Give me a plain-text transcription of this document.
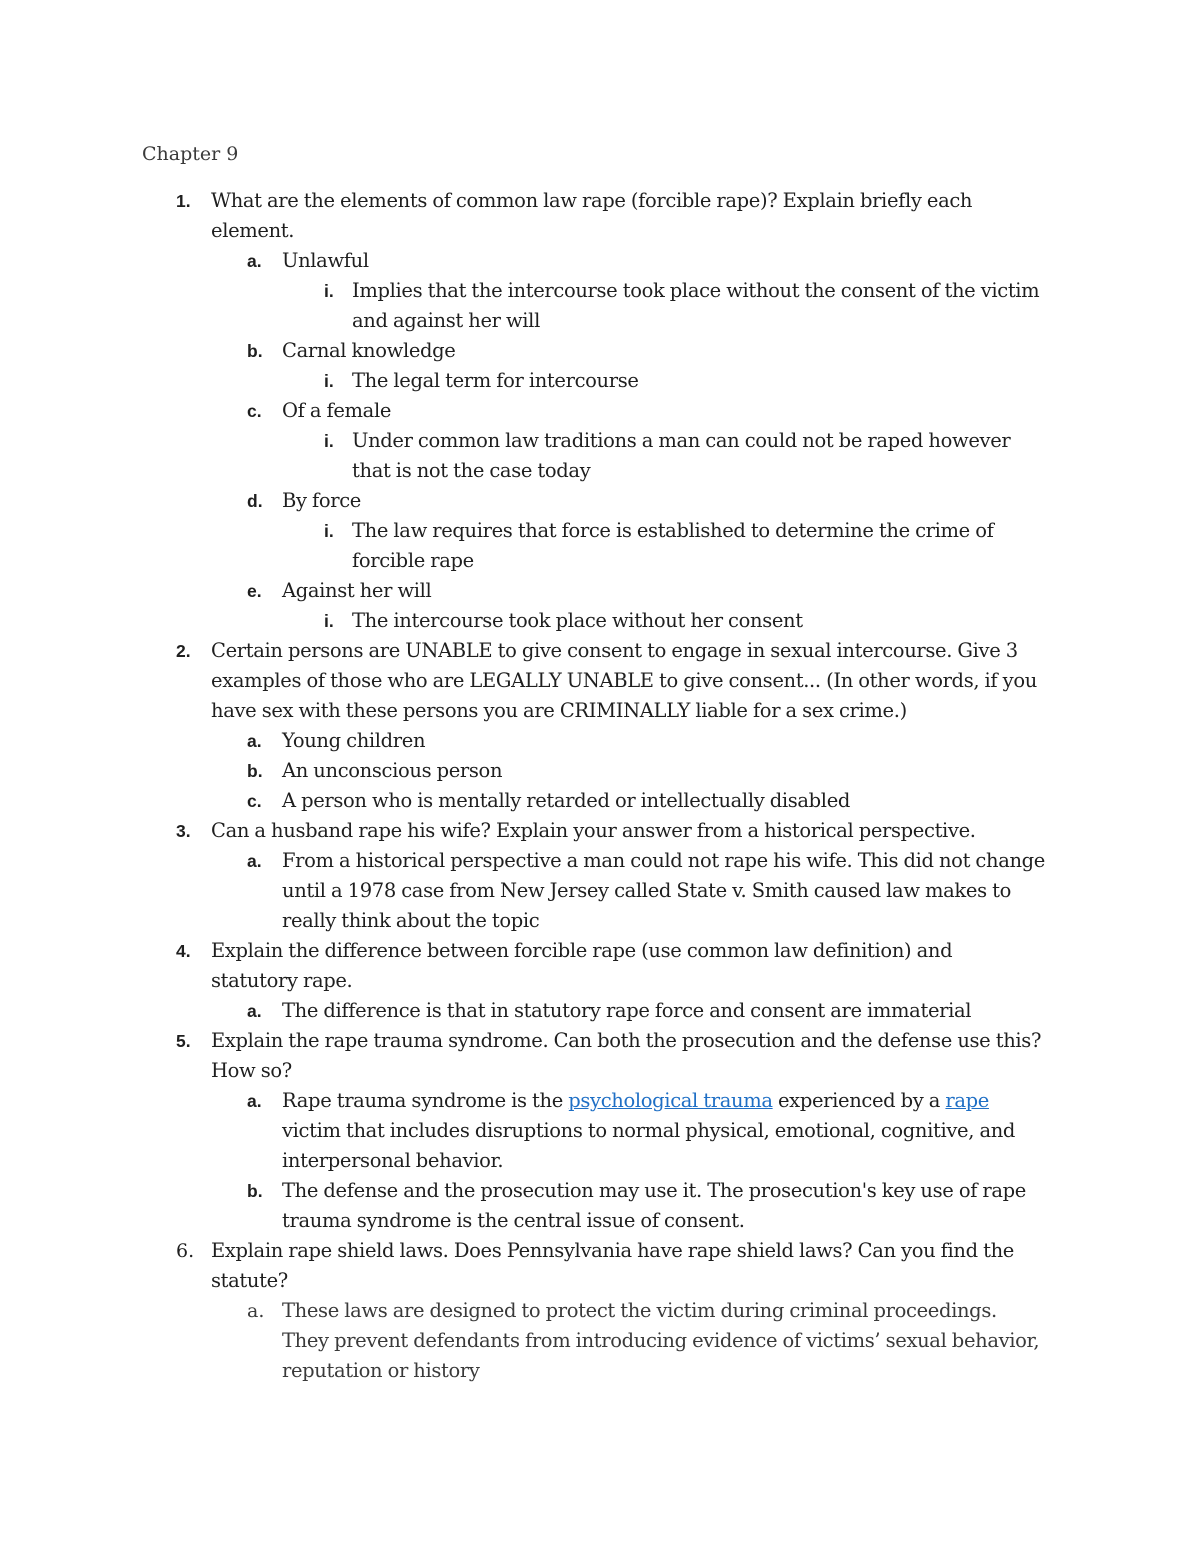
Chapter 9
1. What are the elements of common law rape (forcible rape)? Explain briefly each element.
a. Unlawful
i. Implies that the intercourse took place without the consent of the victim and against her will
b. Carnal knowledge
i. The legal term for intercourse
c. Of a female
i. Under common law traditions a man can could not be raped however that is not the case today
d. By force
i. The law requires that force is established to determine the crime of forcible rape
e. Against her will
i. The intercourse took place without her consent
2. Certain persons are UNABLE to give consent to engage in sexual intercourse. Give 3 examples of those who are LEGALLY UNABLE to give consent... (In other words, if you have sex with these persons you are CRIMINALLY liable for a sex crime.)
a. Young children
b. An unconscious person
c. A person who is mentally retarded or intellectually disabled
3. Can a husband rape his wife? Explain your answer from a historical perspective.
a. From a historical perspective a man could not rape his wife. This did not change until a 1978 case from New Jersey called State v. Smith caused law makes to really think about the topic
4. Explain the difference between forcible rape (use common law definition) and statutory rape.
a. The difference is that in statutory rape force and consent are immaterial
5. Explain the rape trauma syndrome. Can both the prosecution and the defense use this? How so?
a. Rape trauma syndrome is the psychological trauma experienced by a rape victim that includes disruptions to normal physical, emotional, cognitive, and interpersonal behavior.
b. The defense and the prosecution may use it. The prosecution's key use of rape trauma syndrome is the central issue of consent.
6. Explain rape shield laws. Does Pennsylvania have rape shield laws? Can you find the statute?
a. These laws are designed to protect the victim during criminal proceedings. They prevent defendants from introducing evidence of victims’ sexual behavior, reputation or history
